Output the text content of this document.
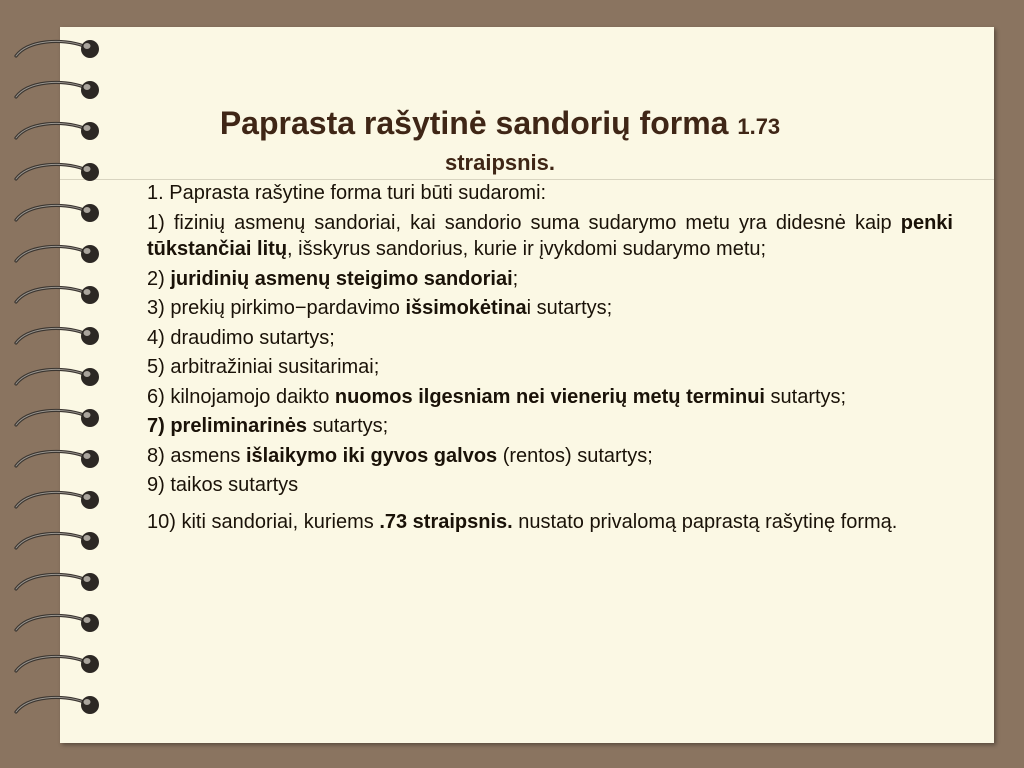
Paprasta rašytinė sandorių forma 1.73
straipsnis.

1. Paprasta rašytine forma turi būti sudaromi:

1) fizinių asmenų sandoriai, kai sandorio suma sudarymo metu yra didesnė kaip penki tūkstančiai litų, išskyrus sandorius, kurie ir įvykdomi sudarymo metu;

2) juridinių asmenų steigimo sandoriai;

3) prekių pirkimo−pardavimo išsimokėtinai sutartys;

4) draudimo sutartys;

5) arbitražiniai susitarimai;

6) kilnojamojo daikto nuomos ilgesniam nei vienerių metų terminui sutartys;

7) preliminarinės sutartys;

8) asmens išlaikymo iki gyvos galvos (rentos) sutartys;

9) taikos sutartys

10) kiti sandoriai, kuriems .73 straipsnis. nustato privalomą paprastą rašytinę formą.
